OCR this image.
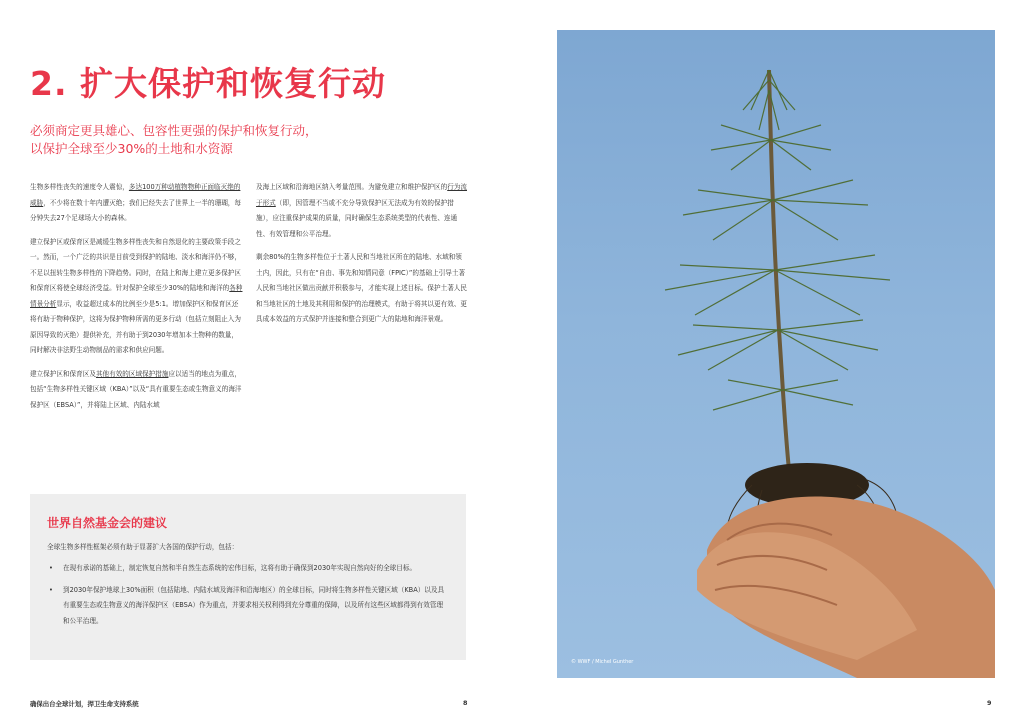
2. 扩大保护和恢复行动
必须商定更具雄心、包容性更强的保护和恢复行动，
以保护全球至少30%的土地和水资源

生物多样性丧失的速度令人震惊，多达100万种动植物物种正面临灭绝的威胁，不少将在数十年内遭灭绝；我们已经失去了世界上一半的珊瑚，每分钟失去27个足球场大小的森林。

建立保护区或保育区是减缓生物多样性丧失和自然退化的主要政策手段之一。然而，一个广泛的共识是目前受到保护的陆地、淡水和海洋仍不够，不足以扭转生物多样性的下降趋势。同时，在陆上和海上建立更多保护区和保育区将使全球经济受益。针对保护全球至少30%的陆地和海洋的各种情景分析显示，收益超过成本的比例至少是5:1。增加保护区和保育区还将有助于物种保护，这将为保护物种所需的更多行动（包括立刻阻止入为原因导致的灭绝）提供补充，并有助于到2030年增加本土物种的数量，同时解决非法野生动物制品的需求和供应问题。

建立保护区和保育区及其他有效的区域保护措施应以适当的地点为重点，包括“生物多样性关键区域（KBA）”以及“具有重要生态或生物意义的海洋保护区（EBSA）”，并将陆上区域、内陆水域

及海上区域和沿海地区纳入考量范围。为避免建立和维护保护区的行为流于形式（即，因管理不当或不充分导致保护区无法成为有效的保护措施），应注重保护成果的质量，同时确保生态系统类型的代表性、连通性、有效管理和公平治理。

剩余80%的生物多样性位于土著人民和当地社区所在的陆地、水域和领土内，因此，只有在“自由、事先和知情同意（FPIC）”的基础上引导土著人民和当地社区做出贡献并积极参与，才能实现上述目标。保护土著人民和当地社区的土地及其利用和保护的治理模式，有助于将其以更有效、更具成本效益的方式保护并连接和整合到更广大的陆地和海洋景观。

世界自然基金会的建议
全球生物多样性框架必须有助于显著扩大各国的保护行动，包括：
• 在现有承诺的基础上，制定恢复自然和半自然生态系统的宏伟目标，这将有助于确保到2030年实现自然向好的全球目标。
• 到2030年保护地球上30%面积（包括陆地、内陆水域及海洋和沿海地区）的全球目标，同时将生物多样性关键区域（KBA）以及具有重要生态或生物意义的海洋保护区（EBSA）作为重点，并要求相关权利得到充分尊重的保障，以及所有这些区域都得到有效管理和公平治理。
确保出台全球计划，捍卫生命支持系统	8
© WWF / Michel Gunther
9
